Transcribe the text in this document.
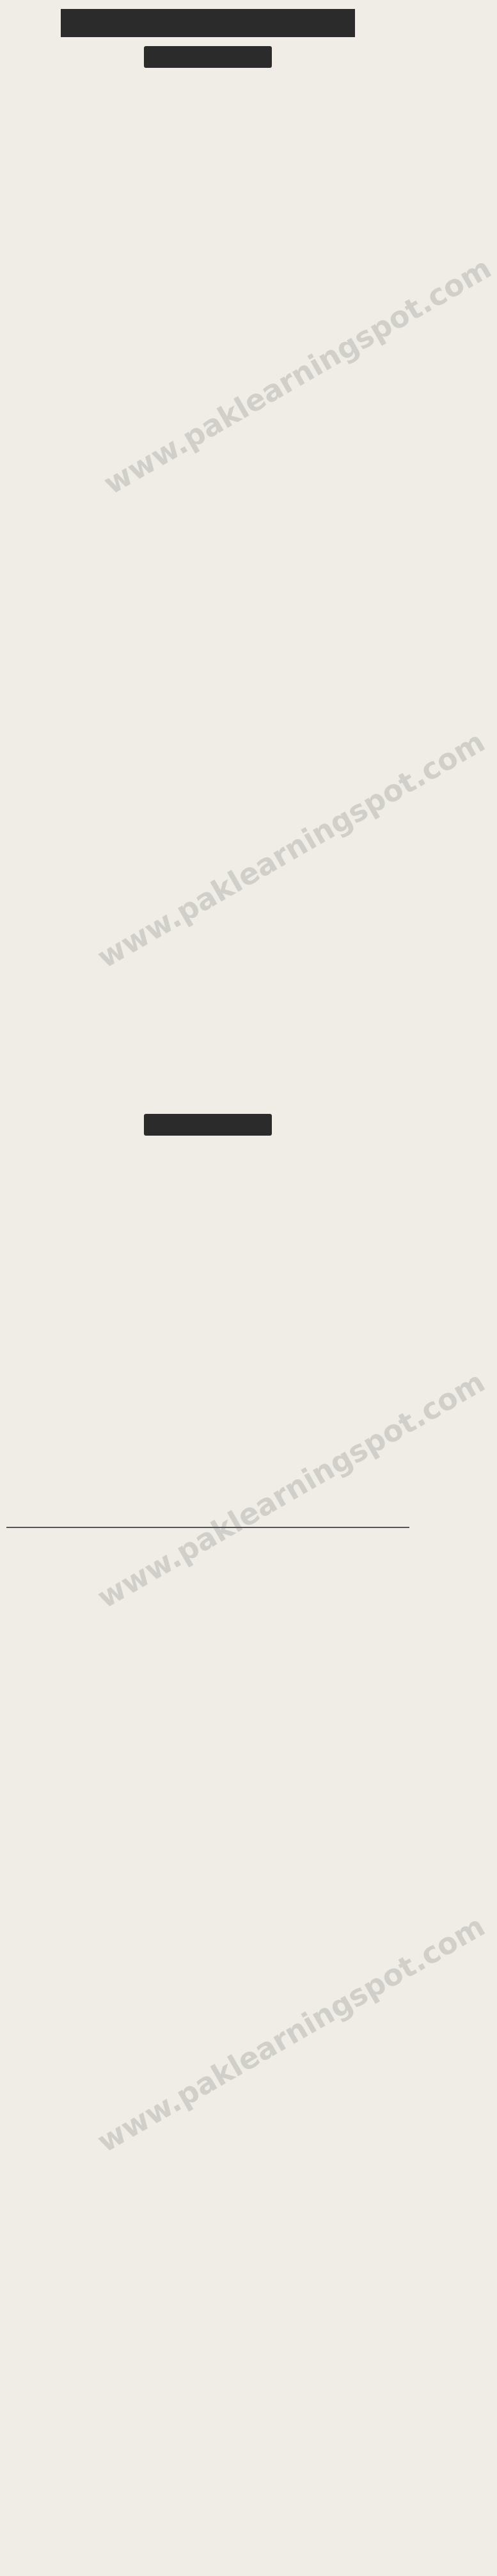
www.paklearningspot.com
www.paklearningspot.com
www.paklearningspot.com
www.paklearningspot.com
